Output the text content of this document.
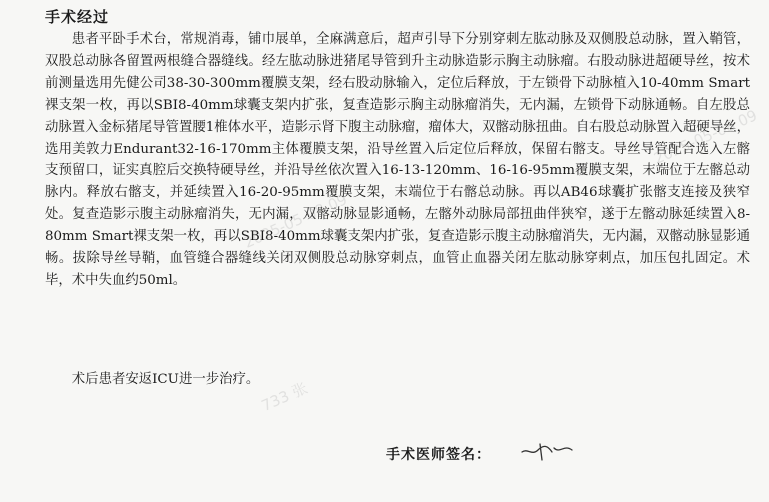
手术经过

患者平卧手术台，常规消毒，铺巾展单，全麻满意后，超声引导下分别穿刺左肱动脉及双侧股总动脉，置入鞘管，双股总动脉各留置两根缝合器缝线。经左肱动脉进猪尾导管到升主动脉造影示胸主动脉瘤。右股动脉进超硬导丝，按术前测量选用先健公司38-30-300mm覆膜支架，经右股动脉输入，定位后释放，于左锁骨下动脉植入10-40mm Smart裸支架一枚，再以SBI8-40mm球囊支架内扩张，复查造影示胸主动脉瘤消失，无内漏，左锁骨下动脉通畅。自左股总动脉置入金标猪尾导管置腰1椎体水平，造影示肾下腹主动脉瘤，瘤体大，双髂动脉扭曲。自右股总动脉置入超硬导丝，选用美敦力Endurant32-16-170mm主体覆膜支架，沿导丝置入后定位后释放，保留右髂支。导丝导管配合选入左髂支预留口，证实真腔后交换特硬导丝，并沿导丝依次置入16-13-120mm、16-16-95mm覆膜支架，末端位于左髂总动脉内。释放右髂支，并延续置入16-20-95mm覆膜支架，末端位于右髂总动脉。再以AB46球囊扩张髂支连接及狭窄处。复查造影示腹主动脉瘤消失，无内漏，双髂动脉显影通畅，左髂外动脉局部扭曲伴狭窄，遂于左髂动脉延续置入8-80mm Smart裸支架一枚，再以SBI8-40mm球囊支架内扩张，复查造影示腹主动脉瘤消失，无内漏，双髂动脉显影通畅。拔除导丝导鞘，血管缝合器缝线关闭双侧股总动脉穿刺点，血管止血器关闭左肱动脉穿刺点，加压包扎固定。术毕，术中失血约50ml。

术后患者安返ICU进一步治疗。

手术医师签名：
2025-05-08 09
733 张
2025-05-08 09
